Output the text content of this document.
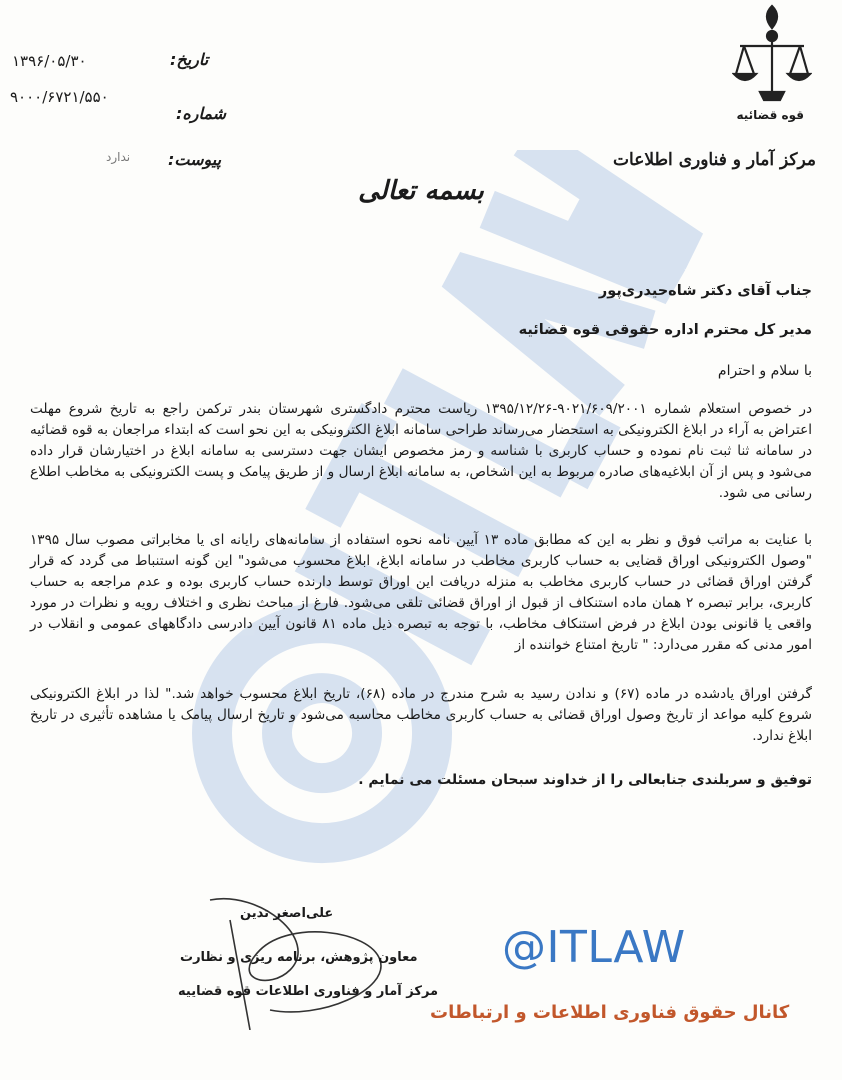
قوه قضائیه
مرکز آمار و فناوری اطلاعات
تاریخ:
۱۳۹۶/۰۵/۳۰
شماره:
۹۰۰۰/۶۷۲۱/۵۵۰
پیوست:
ندارد
بسمه تعالی
جناب آقای دکتر شاه‌حیدری‌پور
مدیر کل محترم اداره حقوقی قوه قضائیه
با سلام و احترام
در خصوص استعلام شماره ۹۰۲۱/۶۰۹/۲۰۰۱-۱۳۹۵/۱۲/۲۶ ریاست محترم دادگستری شهرستان بندر ترکمن راجع به تاریخ شروع مهلت اعتراض به آراء در ابلاغ الکترونیکی به استحضار می‌رساند طراحی سامانه ابلاغ الکترونیکی به این نحو است که ابتداء مراجعان به قوه قضائیه در سامانه ثنا ثبت نام نموده و حساب کاربری با شناسه و رمز مخصوص ایشان جهت دسترسی به سامانه ابلاغ در اختیارشان قرار داده می‌شود و پس از آن ابلاغیه‌های صادره مربوط به این اشخاص، به سامانه ابلاغ ارسال و از طریق پیامک و پست الکترونیکی به مخاطب اطلاع رسانی می شود.
با عنایت به مراتب فوق و نظر به این که مطابق ماده ۱۳ آیین نامه نحوه استفاده از سامانه‌های رایانه ای یا مخابراتی مصوب سال ۱۳۹۵ "وصول الکترونیکی اوراق قضایی به حساب کاربری مخاطب در سامانه ابلاغ، ابلاغ محسوب می‌شود" این گونه استنباط می گردد که قرار گرفتن اوراق قضائی در حساب کاربری مخاطب به منزله دریافت این اوراق توسط دارنده حساب کاربری بوده و عدم مراجعه به حساب کاربری، برابر تبصره ۲ همان ماده استنکاف از قبول از اوراق قضائی تلقی می‌شود. فارغ از مباحث نظری و اختلاف رویه و نظرات در مورد واقعی یا قانونی بودن ابلاغ در فرض استنکاف مخاطب، با توجه به تبصره ذیل ماده ۸۱ قانون آیین دادرسی دادگاههای عمومی و انقلاب در امور مدنی که مقرر می‌دارد: " تاریخ امتناع خواننده از
گرفتن اوراق یادشده در ماده (۶۷) و ندادن رسید به شرح مندرج در ماده (۶۸)، تاریخ ابلاغ محسوب خواهد شد." لذا در ابلاغ الکترونیکی شروع کلیه مواعد از تاریخ وصول اوراق قضائی به حساب کاربری مخاطب محاسبه می‌شود و تاریخ ارسال پیامک یا مشاهده تأثیری در تاریخ ابلاغ ندارد.
توفیق و سربلندی جنابعالی را از خداوند سبحان مسئلت می نمایم .
علی‌اصغر تدین
معاون پژوهش، برنامه ریزی و نظارت
مرکز آمار و فناوری اطلاعات قوه قضاییه
@ITLAW
کانال حقوق فناوری اطلاعات و ارتباطات
